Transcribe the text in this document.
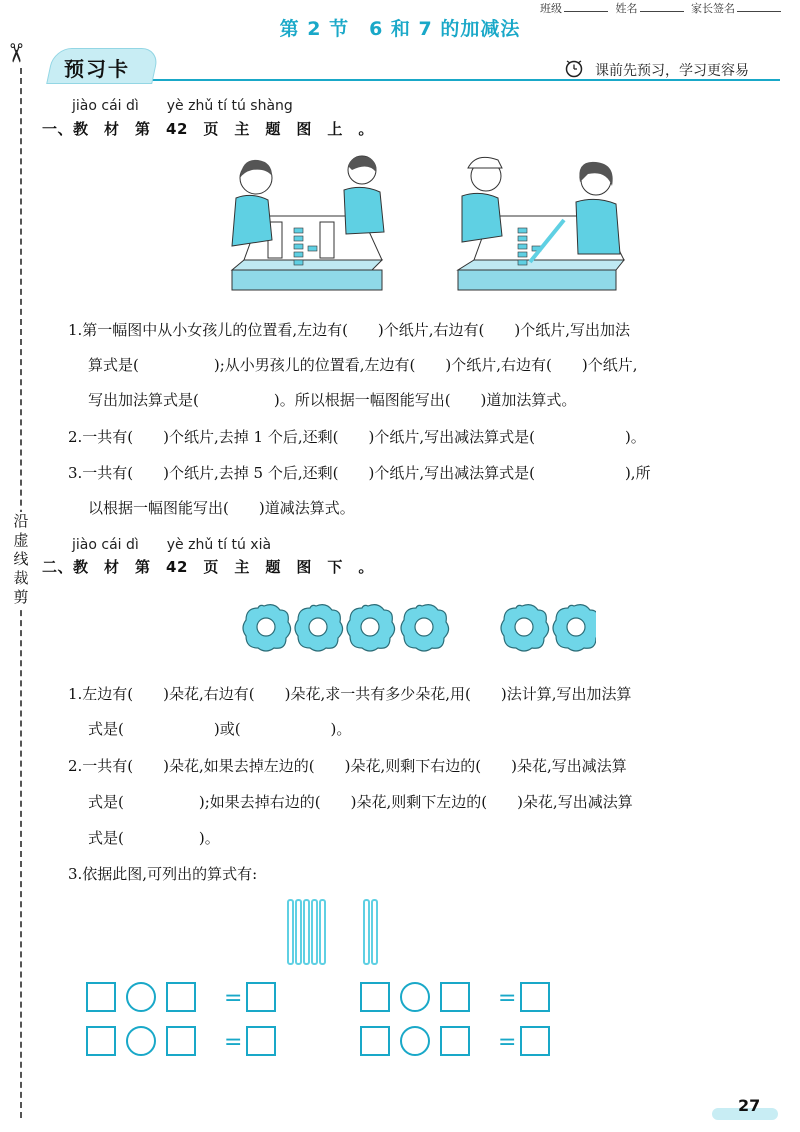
班级	姓名	家长签名
第 2 节　6 和 7 的加减法
✂
沿
虚
线
裁
剪
预习卡	课前先预习，学习更容易
jiào cái dì　　yè zhǔ tí tú shàng
一、教　材　第　42　页　主　题　图　上　。
1.第一幅图中从小女孩儿的位置看,左边有(　　)个纸片,右边有(　　)个纸片,写出加法
算式是(　　　　　);从小男孩儿的位置看,左边有(　　)个纸片,右边有(　　)个纸片,
写出加法算式是(　　　　　)。所以根据一幅图能写出(　　)道加法算式。
2.一共有(　　)个纸片,去掉 1 个后,还剩(　　)个纸片,写出减法算式是(　　　　　　)。
3.一共有(　　)个纸片,去掉 5 个后,还剩(　　)个纸片,写出减法算式是(　　　　　　),所
以根据一幅图能写出(　　)道减法算式。
jiào cái dì　　yè zhǔ tí tú xià
二、教　材　第　42　页　主　题　图　下　。
1.左边有(　　)朵花,右边有(　　)朵花,求一共有多少朵花,用(　　)法计算,写出加法算
式是(　　　　　　)或(　　　　　　)。
2.一共有(　　)朵花,如果去掉左边的(　　)朵花,则剩下右边的(　　)朵花,写出减法算
式是(　　　　　);如果去掉右边的(　　)朵花,则剩下左边的(　　)朵花,写出减法算
式是(　　　　　)。
3.依据此图,可列出的算式有:
=
=
=
=
27
